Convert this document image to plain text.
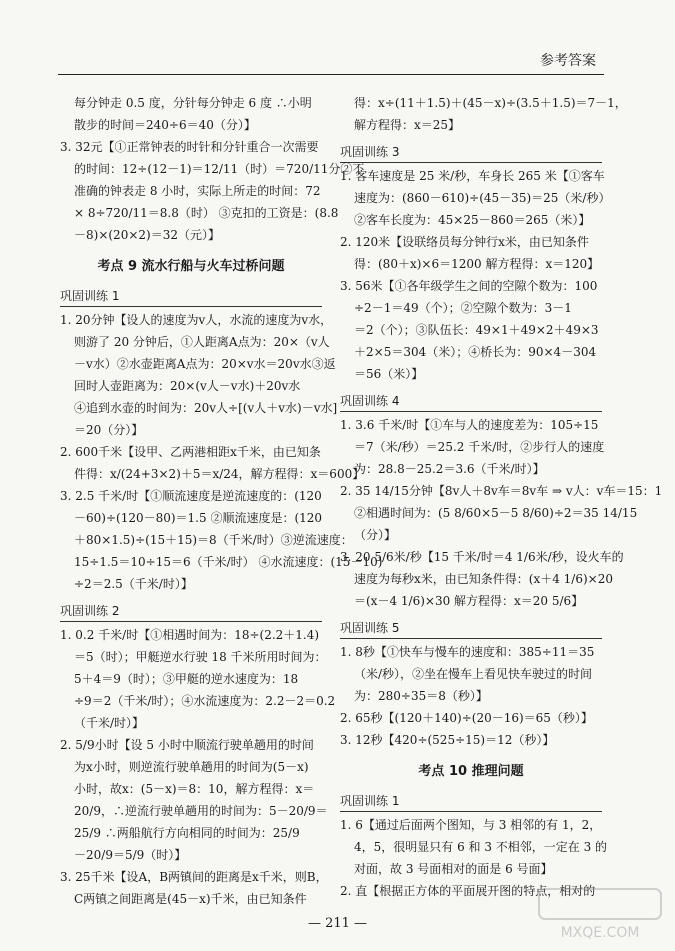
参考答案
每分钟走 0.5 度，分针每分钟走 6 度 ∴小明
散步的时间＝240÷6＝40（分）】
3. 32元【①正常钟表的时针和分针重合一次需要
的时间：12÷(12－1)＝12/11（时）＝720/11分②不
准确的钟表走 8 小时，实际上所走的时间：72
× 8÷720/11＝8.8（时） ③克扣的工资是：(8.8
－8)×(20×2)＝32（元）】
考点 9 流水行船与火车过桥问题
巩固训练 1
1. 20分钟【设人的速度为v人，水流的速度为v水，
则游了 20 分钟后，①人距离A点为：20×（v人
－v水）②水壶距离A点为：20×v水＝20v水③返
回时人壶距离为：20×(v人－v水)＋20v水
④追到水壶的时间为：20v人÷[(v人＋v水)－v水]
＝20（分）】
2. 600千米【设甲、乙两港相距x千米，由已知条
件得：x/(24+3×2)＋5＝x/24，解方程得：x＝600】
3. 2.5 千米/时【①顺流速度是逆流速度的：(120
－60)÷(120－80)＝1.5 ②顺流速度是：(120
＋80×1.5)÷(15＋15)＝8（千米/时）③逆流速度：
15÷1.5＝10÷15＝6（千米/时） ④水流速度：(15－10)
÷2＝2.5（千米/时）】
巩固训练 2
1. 0.2 千米/时【①相遇时间为：18÷(2.2＋1.4)
＝5（时）；甲艇逆水行驶 18 千米所用时间为：
5＋4＝9（时）；③甲艇的逆水速度为：18
÷9＝2（千米/时）；④水流速度为：2.2－2＝0.2
（千米/时）】
2. 5/9小时【设 5 小时中顺流行驶单趟用的时间
为x小时，则逆流行驶单趟用的时间为(5－x)
小时，故x：(5－x)＝8：10，解方程得：x＝
20/9，∴逆流行驶单趟用的时间为：5－20/9＝
25/9 ∴两船航行方向相同的时间为：25/9
－20/9＝5/9（时）】
3. 25千米【设A，B两镇间的距离是x千米，则B，
C两镇之间距离是(45－x)千米，由已知条件
得：x÷(11＋1.5)＋(45－x)÷(3.5＋1.5)＝7－1，
解方程得：x＝25】
巩固训练 3
1. 客车速度是 25 米/秒，车身长 265 米【①客车
速度为：(860－610)÷(45－35)＝25（米/秒）
②客车长度为：45×25－860＝265（米）】
2. 120米【设联络员每分钟行x米，由已知条件
得：(80＋x)×6＝1200 解方程得：x＝120】
3. 56米【①各年级学生之间的空隙个数为：100
÷2－1＝49（个）；②空隙个数为：3－1
＝2（个）；③队伍长：49×1＋49×2＋49×3
＋2×5＝304（米）；④桥长为：90×4－304
＝56（米）】
巩固训练 4
1. 3.6 千米/时【①车与人的速度差为：105÷15
＝7（米/秒）＝25.2 千米/时，②步行人的速度
为：28.8－25.2＝3.6（千米/时）】
2. 35 14/15分钟【8v人＋8v车＝8v车 ⇒ v人：v车＝15：1
②相遇时间为：(5 8/60×5－5 8/60)÷2＝35 14/15
（分）】
3. 20 5/6米/秒【15 千米/时＝4 1/6米/秒，设火车的
速度为每秒x米，由已知条件得：(x＋4 1/6)×20
＝(x－4 1/6)×30 解方程得：x＝20 5/6】
巩固训练 5
1. 8秒【①快车与慢车的速度和：385÷11＝35
（米/秒），②坐在慢车上看见快车驶过的时间
为：280÷35＝8（秒）】
2. 65秒【(120＋140)÷(20－16)＝65（秒）】
3. 12秒【420÷(525÷15)＝12（秒）】
考点 10 推理问题
巩固训练 1
1. 6【通过后面两个图知，与 3 相邻的有 1，2，
4，5，很明显只有 6 和 3 不相邻，一定在 3 的
对面，故 3 号面相对的面是 6 号面】
2. 直【根据正方体的平面展开图的特点，相对的
— 211 —
MXQE.COM
